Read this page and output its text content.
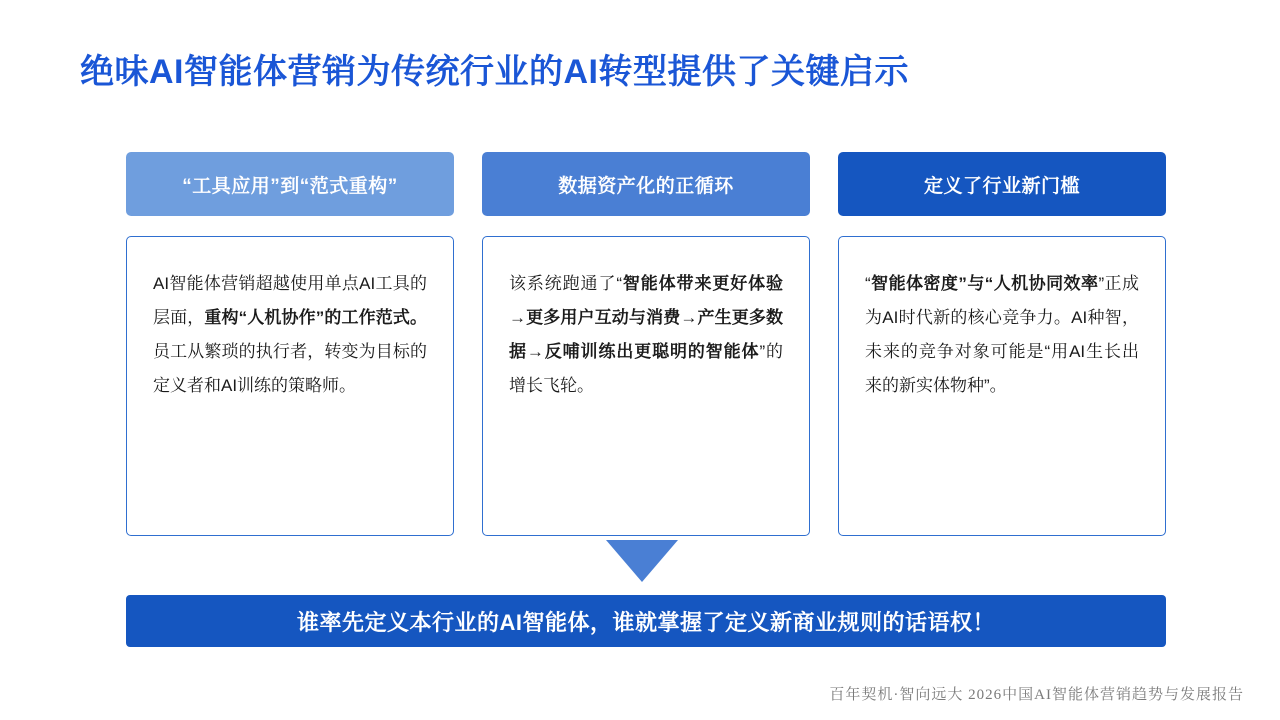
绝味AI智能体营销为传统行业的AI转型提供了关键启示
“工具应用”到“范式重构”
AI智能体营销超越使用单点AI工具的层面，重构“人机协作”的工作范式。员工从繁琐的执行者，转变为目标的定义者和AI训练的策略师。
数据资产化的正循环
该系统跑通了“智能体带来更好体验→更多用户互动与消费→产生更多数据→反哺训练出更聪明的智能体”的增长飞轮。
定义了行业新门槛
“智能体密度”与“人机协同效率”正成为AI时代新的核心竞争力。AI种智，未来的竞争对象可能是“用AI生长出来的新实体物种”。
谁率先定义本行业的AI智能体，谁就掌握了定义新商业规则的话语权！
百年契机·智向远大 2026中国AI智能体营销趋势与发展报告
